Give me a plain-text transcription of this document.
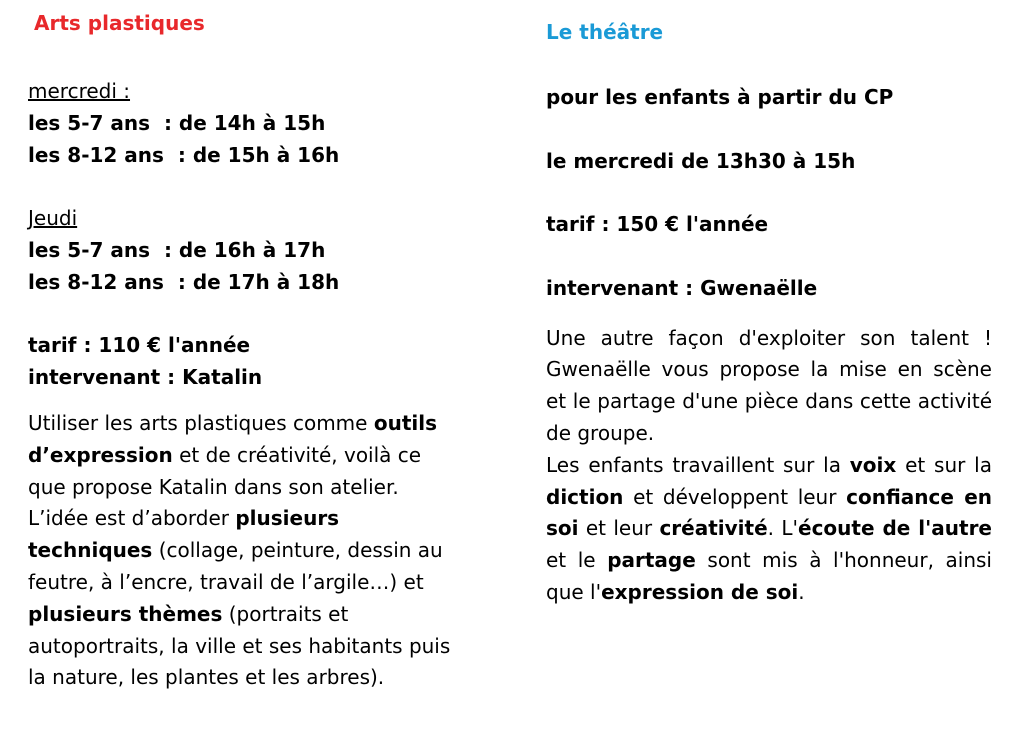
Arts plastiques
mercredi :
les 5-7 ans  : de 14h à 15h
les 8-12 ans  : de 15h à 16h
Jeudi
les 5-7 ans  : de 16h à 17h
les 8-12 ans  : de 17h à 18h
tarif : 110 € l'année
intervenant : Katalin
Utiliser les arts plastiques comme outils d’expression et de créativité, voilà ce que propose Katalin dans son atelier. L’idée est d’aborder plusieurs techniques (collage, peinture, dessin au feutre, à l’encre, travail de l’argile…) et plusieurs thèmes (portraits et autoportraits, la ville et ses habitants puis la nature, les plantes et les arbres).
Le théâtre
pour les enfants à partir du CP
le mercredi de 13h30 à 15h
tarif : 150 € l'année
intervenant : Gwenaëlle
Une autre façon d'exploiter son talent ! Gwenaëlle vous propose la mise en scène et le partage d'une pièce dans cette activité de groupe.
Les enfants travaillent sur la voix et sur la diction et développent leur confiance en soi et leur créativité. L'écoute de l'autre et le partage sont mis à l'honneur, ainsi que l'expression de soi.
